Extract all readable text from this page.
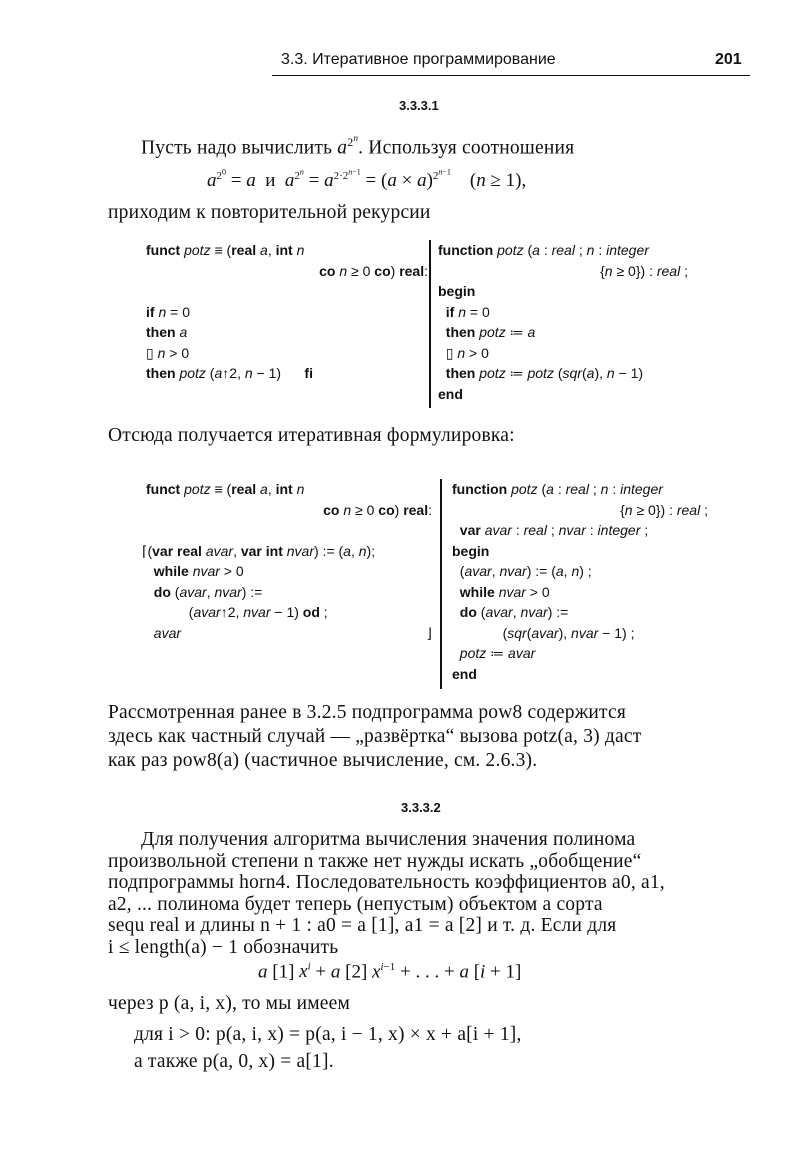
3.3. Итеративное программирование	201
3.3.3.1
Пусть надо вычислить $a^{2^n}$. Используя соотношения
$a^{2^0} = a$  и  $a^{2^n} = a^{2\cdot 2^{n-1}} = (a \times a)^{2^{n-1}}$    (n ≥ 1),
приходим к повторительной рекурсии
funct potz ≡ (real a, int n
co n ≥ 0 co) real:
if n = 0
then a
▯ n > 0
then potz (a↑2, n − 1)      fi
function potz (a : real ; n : integer
{n ≥ 0}) : real ;
begin
if n = 0
then potz ≔ a
▯ n > 0
then potz ≔ potz (sqr(a), n − 1)
end
Отсюда получается итеративная формулировка:
funct potz ≡ (real a, int n
co n ≥ 0 co) real:
⌈(var real avar, var int nvar) := (a, n);
while nvar > 0
do (avar, nvar) :=
(avar↑2, nvar − 1) od ;
avar	⌋
function potz (a : real ; n : integer
{n ≥ 0}) : real ;
var avar : real ; nvar : integer ;
begin
(avar, nvar) := (a, n) ;
while nvar > 0
do (avar, nvar) :=
(sqr(avar), nvar − 1) ;
potz ≔ avar
end
Рассмотренная ранее в 3.2.5 подпрограмма pow8 содержится
здесь как частный случай — „развёртка“ вызова potz(a, 3) даст
как раз pow8(a) (частичное вычисление, см. 2.6.3).
3.3.3.2
Для получения алгоритма вычисления значения полинома
произвольной степени n также нет нужды искать „обобщение“
подпрограммы horn4. Последовательность коэффициентов a0, a1,
a2, ... полинома будет теперь (непустым) объектом a сорта
sequ real и длины n + 1 : a0 = a [1], a1 = a [2] и т. д. Если для
i ≤ length(a) − 1 обозначить
a [1] $x^i + a$ [2] $x^{i-1}$ + . . . + a [i + 1]
через p (a, i, x), то мы имеем
для i > 0: p(a, i, x) = p(a, i − 1, x) × x + a[i + 1],
а также p(a, 0, x) = a[1].
